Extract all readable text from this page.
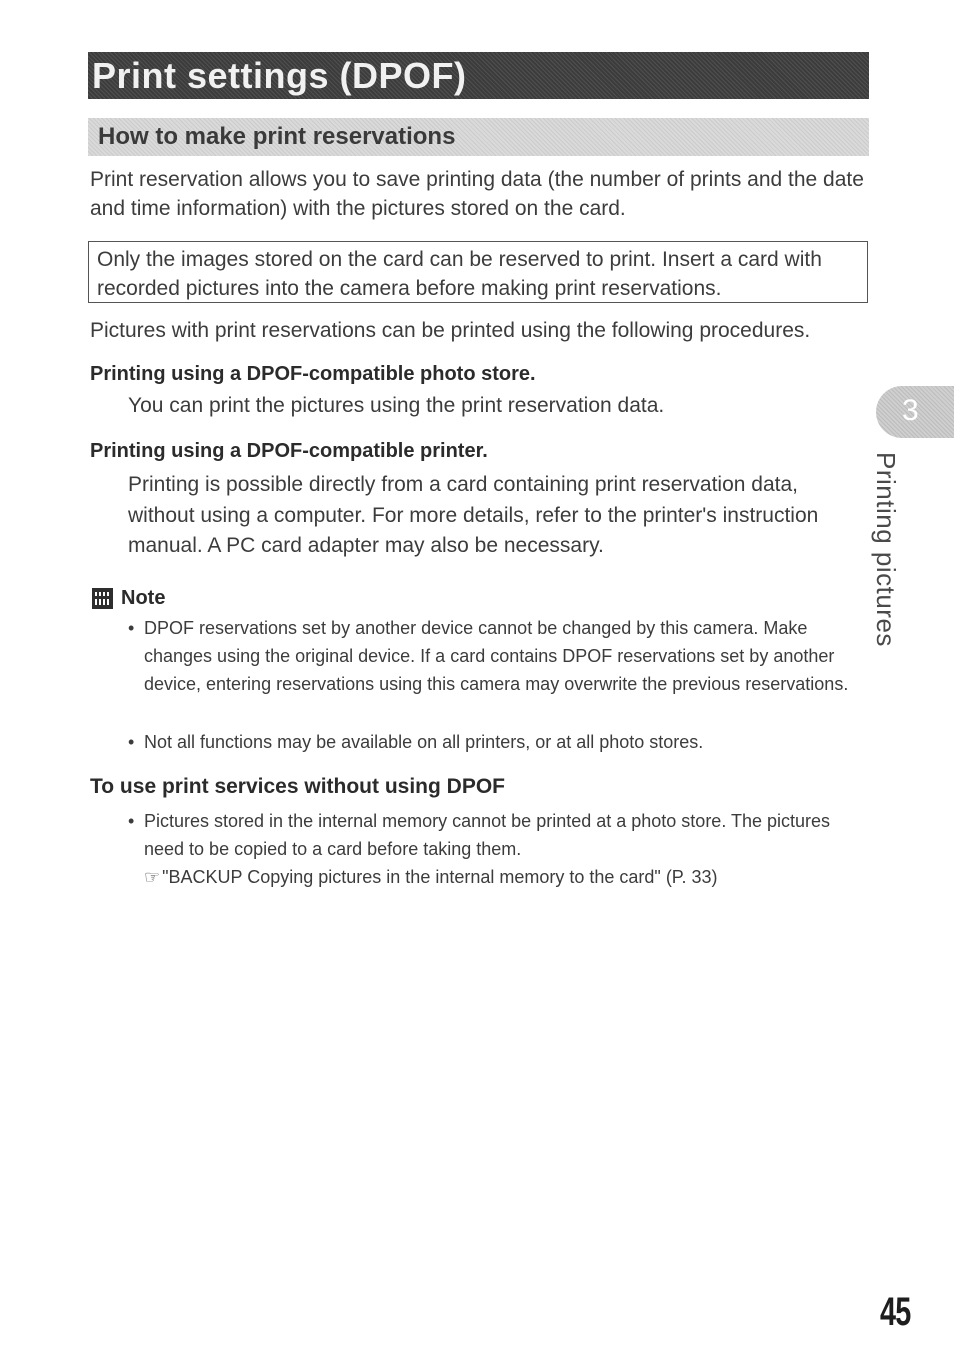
Print settings (DPOF)
How to make print reservations

Print reservation allows you to save printing data (the number of prints and the date and time information) with the pictures stored on the card.

Only the images stored on the card can be reserved to print. Insert a card with recorded pictures into the camera before making print reservations.

Pictures with print reservations can be printed using the following procedures.

Printing using a DPOF-compatible photo store.

You can print the pictures using the print reservation data.

Printing using a DPOF-compatible printer.

Printing is possible directly from a card containing print reservation data, without using a computer. For more details, refer to the printer's instruction manual. A PC card adapter may also be necessary.

Note

• DPOF reservations set by another device cannot be changed by this camera. Make changes using the original device. If a card contains DPOF reservations set by another device, entering reservations using this camera may overwrite the previous reservations.

• Not all functions may be available on all printers, or at all photo stores.

To use print services without using DPOF

• Pictures stored in the internal memory cannot be printed at a photo store. The pictures need to be copied to a card before taking them.

☞ "BACKUP Copying pictures in the internal memory to the card" (P. 33)

3
Printing pictures
45
